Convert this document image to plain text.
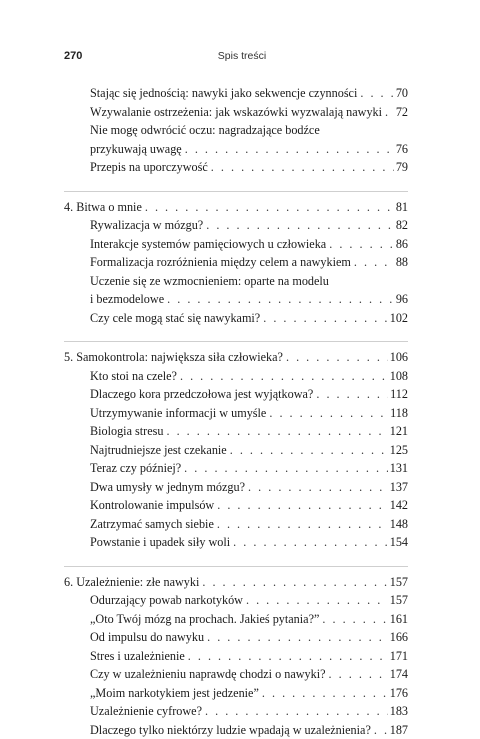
270	Spis treści
Stając się jednością: nawyki jako sekwencje czynności . . .	70
Wzywalanie ostrzeżenia: jak wskazówki wyzwalają nawyki . . . 72
Nie mogę odwrócić oczu: nagradzające bodźce
przykuwają uwagę . . .	76
Przepis na uporczywość . . .	79
4. Bitwa o mnie . . .	81
Rywalizacja w mózgu? . . .	82
Interakcje systemów pamięciowych u człowieka . . .	86
Formalizacja rozróżnienia między celem a nawykiem . . .	88
Uczenie się ze wzmocnieniem: oparte na modelu
i bezmodelowe . . .	96
Czy cele mogą stać się nawykami? . . .	102
5. Samokontrola: największa siła człowieka? . . .	106
Kto stoi na czele? . . .	108
Dlaczego kora przedczołowa jest wyjątkowa? . . .	112
Utrzymywanie informacji w umyśle . . .	118
Biologia stresu . . .	121
Najtrudniejsze jest czekanie . . .	125
Teraz czy później? . . .	131
Dwa umysły w jednym mózgu? . . .	137
Kontrolowanie impulsów . . .	142
Zatrzymać samych siebie . . .	148
Powstanie i upadek siły woli . . .	154
6. Uzależnienie: złe nawyki . . .	157
Odurzający powab narkotyków . . .	157
„Oto Twój mózg na prochach. Jakieś pytania?” . . .	161
Od impulsu do nawyku . . .	166
Stres i uzależnienie . . .	171
Czy w uzależnieniu naprawdę chodzi o nawyki? . . .	174
„Moim narkotykiem jest jedzenie” . . .	176
Uzależnienie cyfrowe? . . .	183
Dlaczego tylko niektórzy ludzie wpadają w uzależnienia? . . . 187
